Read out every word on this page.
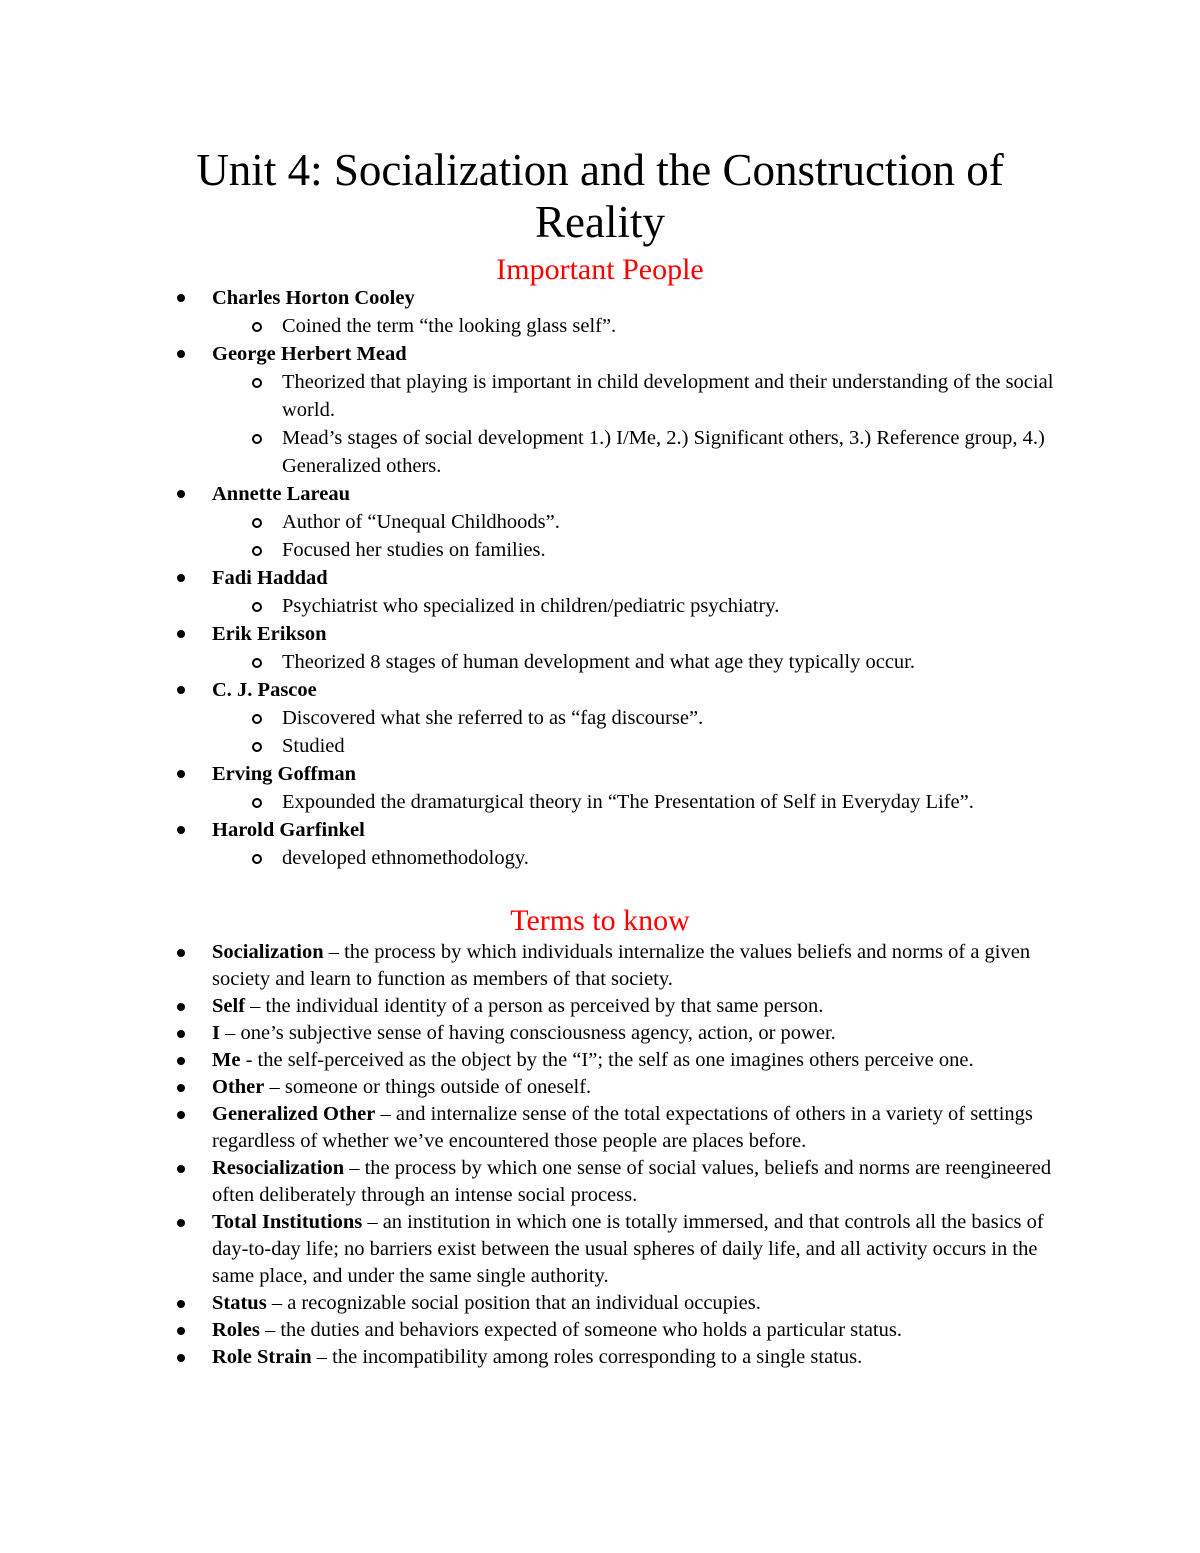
Unit 4: Socialization and the Construction of Reality
Important People
Charles Horton Cooley
Coined the term “the looking glass self”.
George Herbert Mead
Theorized that playing is important in child development and their understanding of the social world.
Mead’s stages of social development 1.) I/Me, 2.) Significant others, 3.) Reference group, 4.) Generalized others.
Annette Lareau
Author of “Unequal Childhoods”.
Focused her studies on families.
Fadi Haddad
Psychiatrist who specialized in children/pediatric psychiatry.
Erik Erikson
Theorized 8 stages of human development and what age they typically occur.
C. J. Pascoe
Discovered what she referred to as “fag discourse”.
Studied
Erving Goffman
Expounded the dramaturgical theory in “The Presentation of Self in Everyday Life”.
Harold Garfinkel
developed ethnomethodology.
Terms to know
Socialization – the process by which individuals internalize the values beliefs and norms of a given society and learn to function as members of that society.
Self – the individual identity of a person as perceived by that same person.
I – one’s subjective sense of having consciousness agency, action, or power.
Me - the self-perceived as the object by the “I”; the self as one imagines others perceive one.
Other – someone or things outside of oneself.
Generalized Other – and internalize sense of the total expectations of others in a variety of settings regardless of whether we’ve encountered those people are places before.
Resocialization – the process by which one sense of social values, beliefs and norms are reengineered often deliberately through an intense social process.
Total Institutions – an institution in which one is totally immersed, and that controls all the basics of day-to-day life; no barriers exist between the usual spheres of daily life, and all activity occurs in the same place, and under the same single authority.
Status – a recognizable social position that an individual occupies.
Roles – the duties and behaviors expected of someone who holds a particular status.
Role Strain – the incompatibility among roles corresponding to a single status.
